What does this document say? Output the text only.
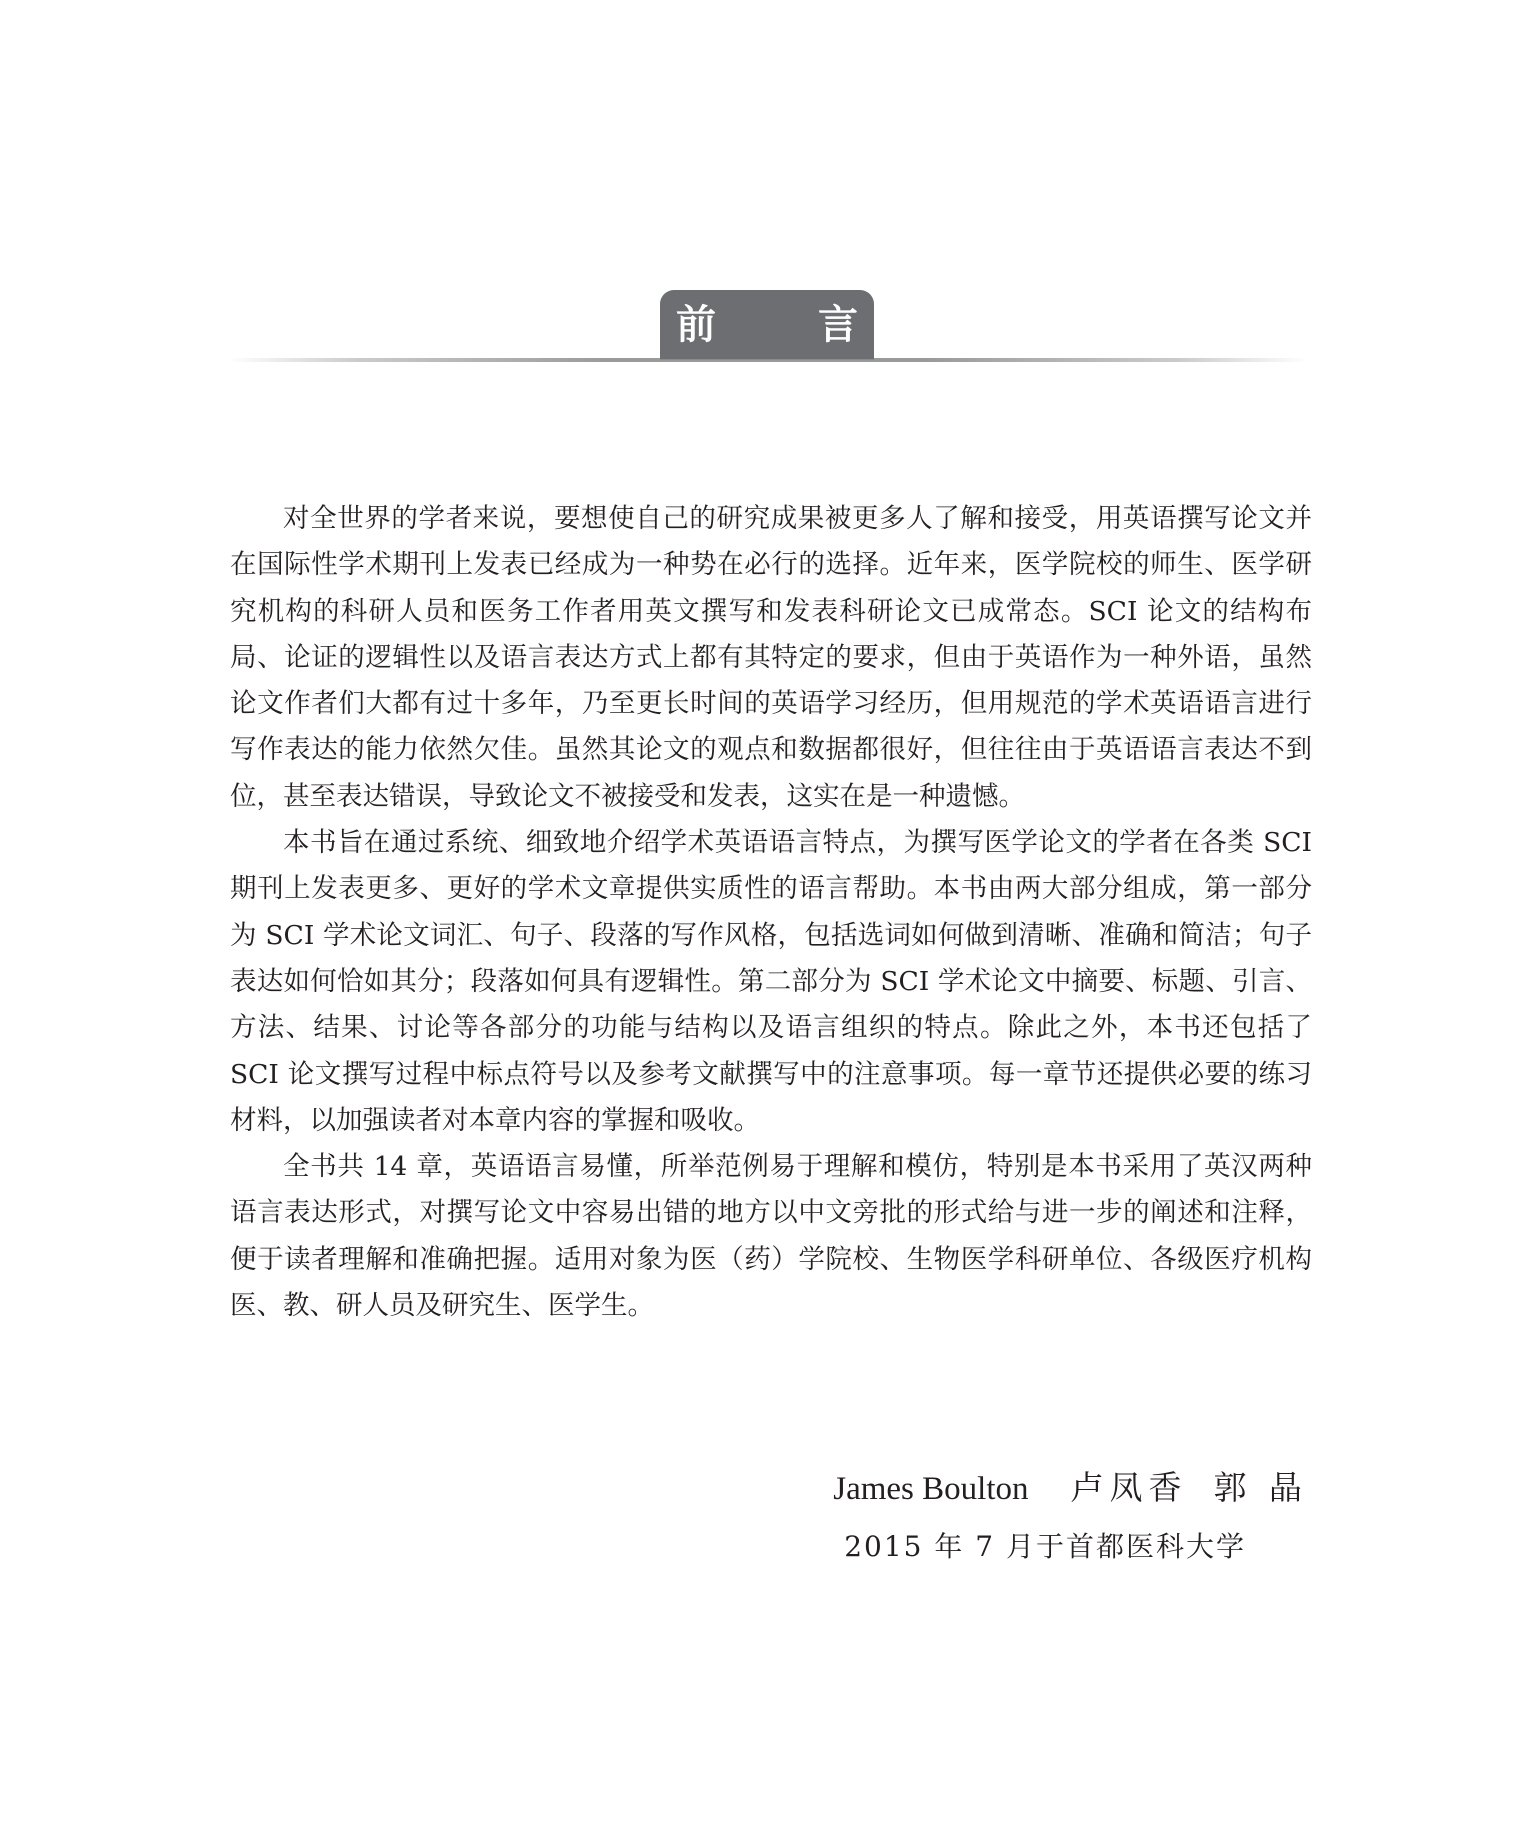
前 言

对全世界的学者来说，要想使自己的研究成果被更多人了解和接受，用英语撰写论文并在国际性学术期刊上发表已经成为一种势在必行的选择。近年来，医学院校的师生、医学研究机构的科研人员和医务工作者用英文撰写和发表科研论文已成常态。SCI 论文的结构布局、论证的逻辑性以及语言表达方式上都有其特定的要求，但由于英语作为一种外语，虽然论文作者们大都有过十多年，乃至更长时间的英语学习经历，但用规范的学术英语语言进行写作表达的能力依然欠佳。虽然其论文的观点和数据都很好，但往往由于英语语言表达不到位，甚至表达错误，导致论文不被接受和发表，这实在是一种遗憾。

本书旨在通过系统、细致地介绍学术英语语言特点，为撰写医学论文的学者在各类 SCI 期刊上发表更多、更好的学术文章提供实质性的语言帮助。本书由两大部分组成，第一部分为 SCI 学术论文词汇、句子、段落的写作风格，包括选词如何做到清晰、准确和简洁；句子表达如何恰如其分；段落如何具有逻辑性。第二部分为 SCI 学术论文中摘要、标题、引言、方法、结果、讨论等各部分的功能与结构以及语言组织的特点。除此之外，本书还包括了 SCI 论文撰写过程中标点符号以及参考文献撰写中的注意事项。每一章节还提供必要的练习材料，以加强读者对本章内容的掌握和吸收。

全书共 14 章，英语语言易懂，所举范例易于理解和模仿，特别是本书采用了英汉两种语言表达形式，对撰写论文中容易出错的地方以中文旁批的形式给与进一步的阐述和注释，便于读者理解和准确把握。适用对象为医（药）学院校、生物医学科研单位、各级医疗机构医、教、研人员及研究生、医学生。

James Boulton 卢凤香 郭 晶
2015 年 7 月于首都医科大学
